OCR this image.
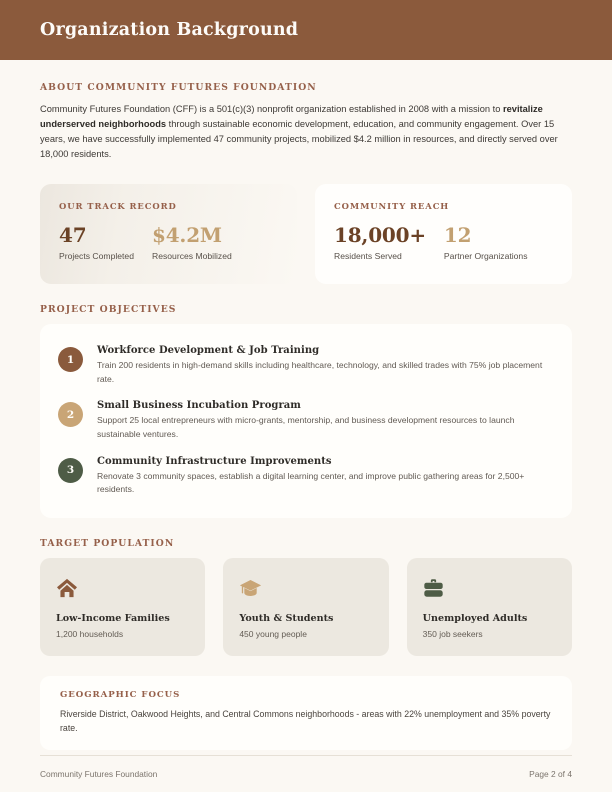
Organization Background
ABOUT COMMUNITY FUTURES FOUNDATION

Community Futures Foundation (CFF) is a 501(c)(3) nonprofit organization established in 2008 with a mission to revitalize underserved neighborhoods through sustainable economic development, education, and community engagement. Over 15 years, we have successfully implemented 47 community projects, mobilized $4.2 million in resources, and directly served over 18,000 residents.

OUR TRACK RECORD
47
Projects Completed
$4.2M
Resources Mobilized
COMMUNITY REACH
18,000+
Residents Served
12
Partner Organizations
PROJECT OBJECTIVES
1
Workforce Development & Job Training
Train 200 residents in high-demand skills including healthcare, technology, and skilled trades with 75% job placement rate.
2
Small Business Incubation Program
Support 25 local entrepreneurs with micro-grants, mentorship, and business development resources to launch sustainable ventures.
3
Community Infrastructure Improvements
Renovate 3 community spaces, establish a digital learning center, and improve public gathering areas for 2,500+ residents.
TARGET POPULATION
Low-Income Families
1,200 households
Youth & Students
450 young people
Unemployed Adults
350 job seekers
GEOGRAPHIC FOCUS
Riverside District, Oakwood Heights, and Central Commons neighborhoods - areas with 22% unemployment and 35% poverty rate.
Community Futures Foundation	Page 2 of 4
